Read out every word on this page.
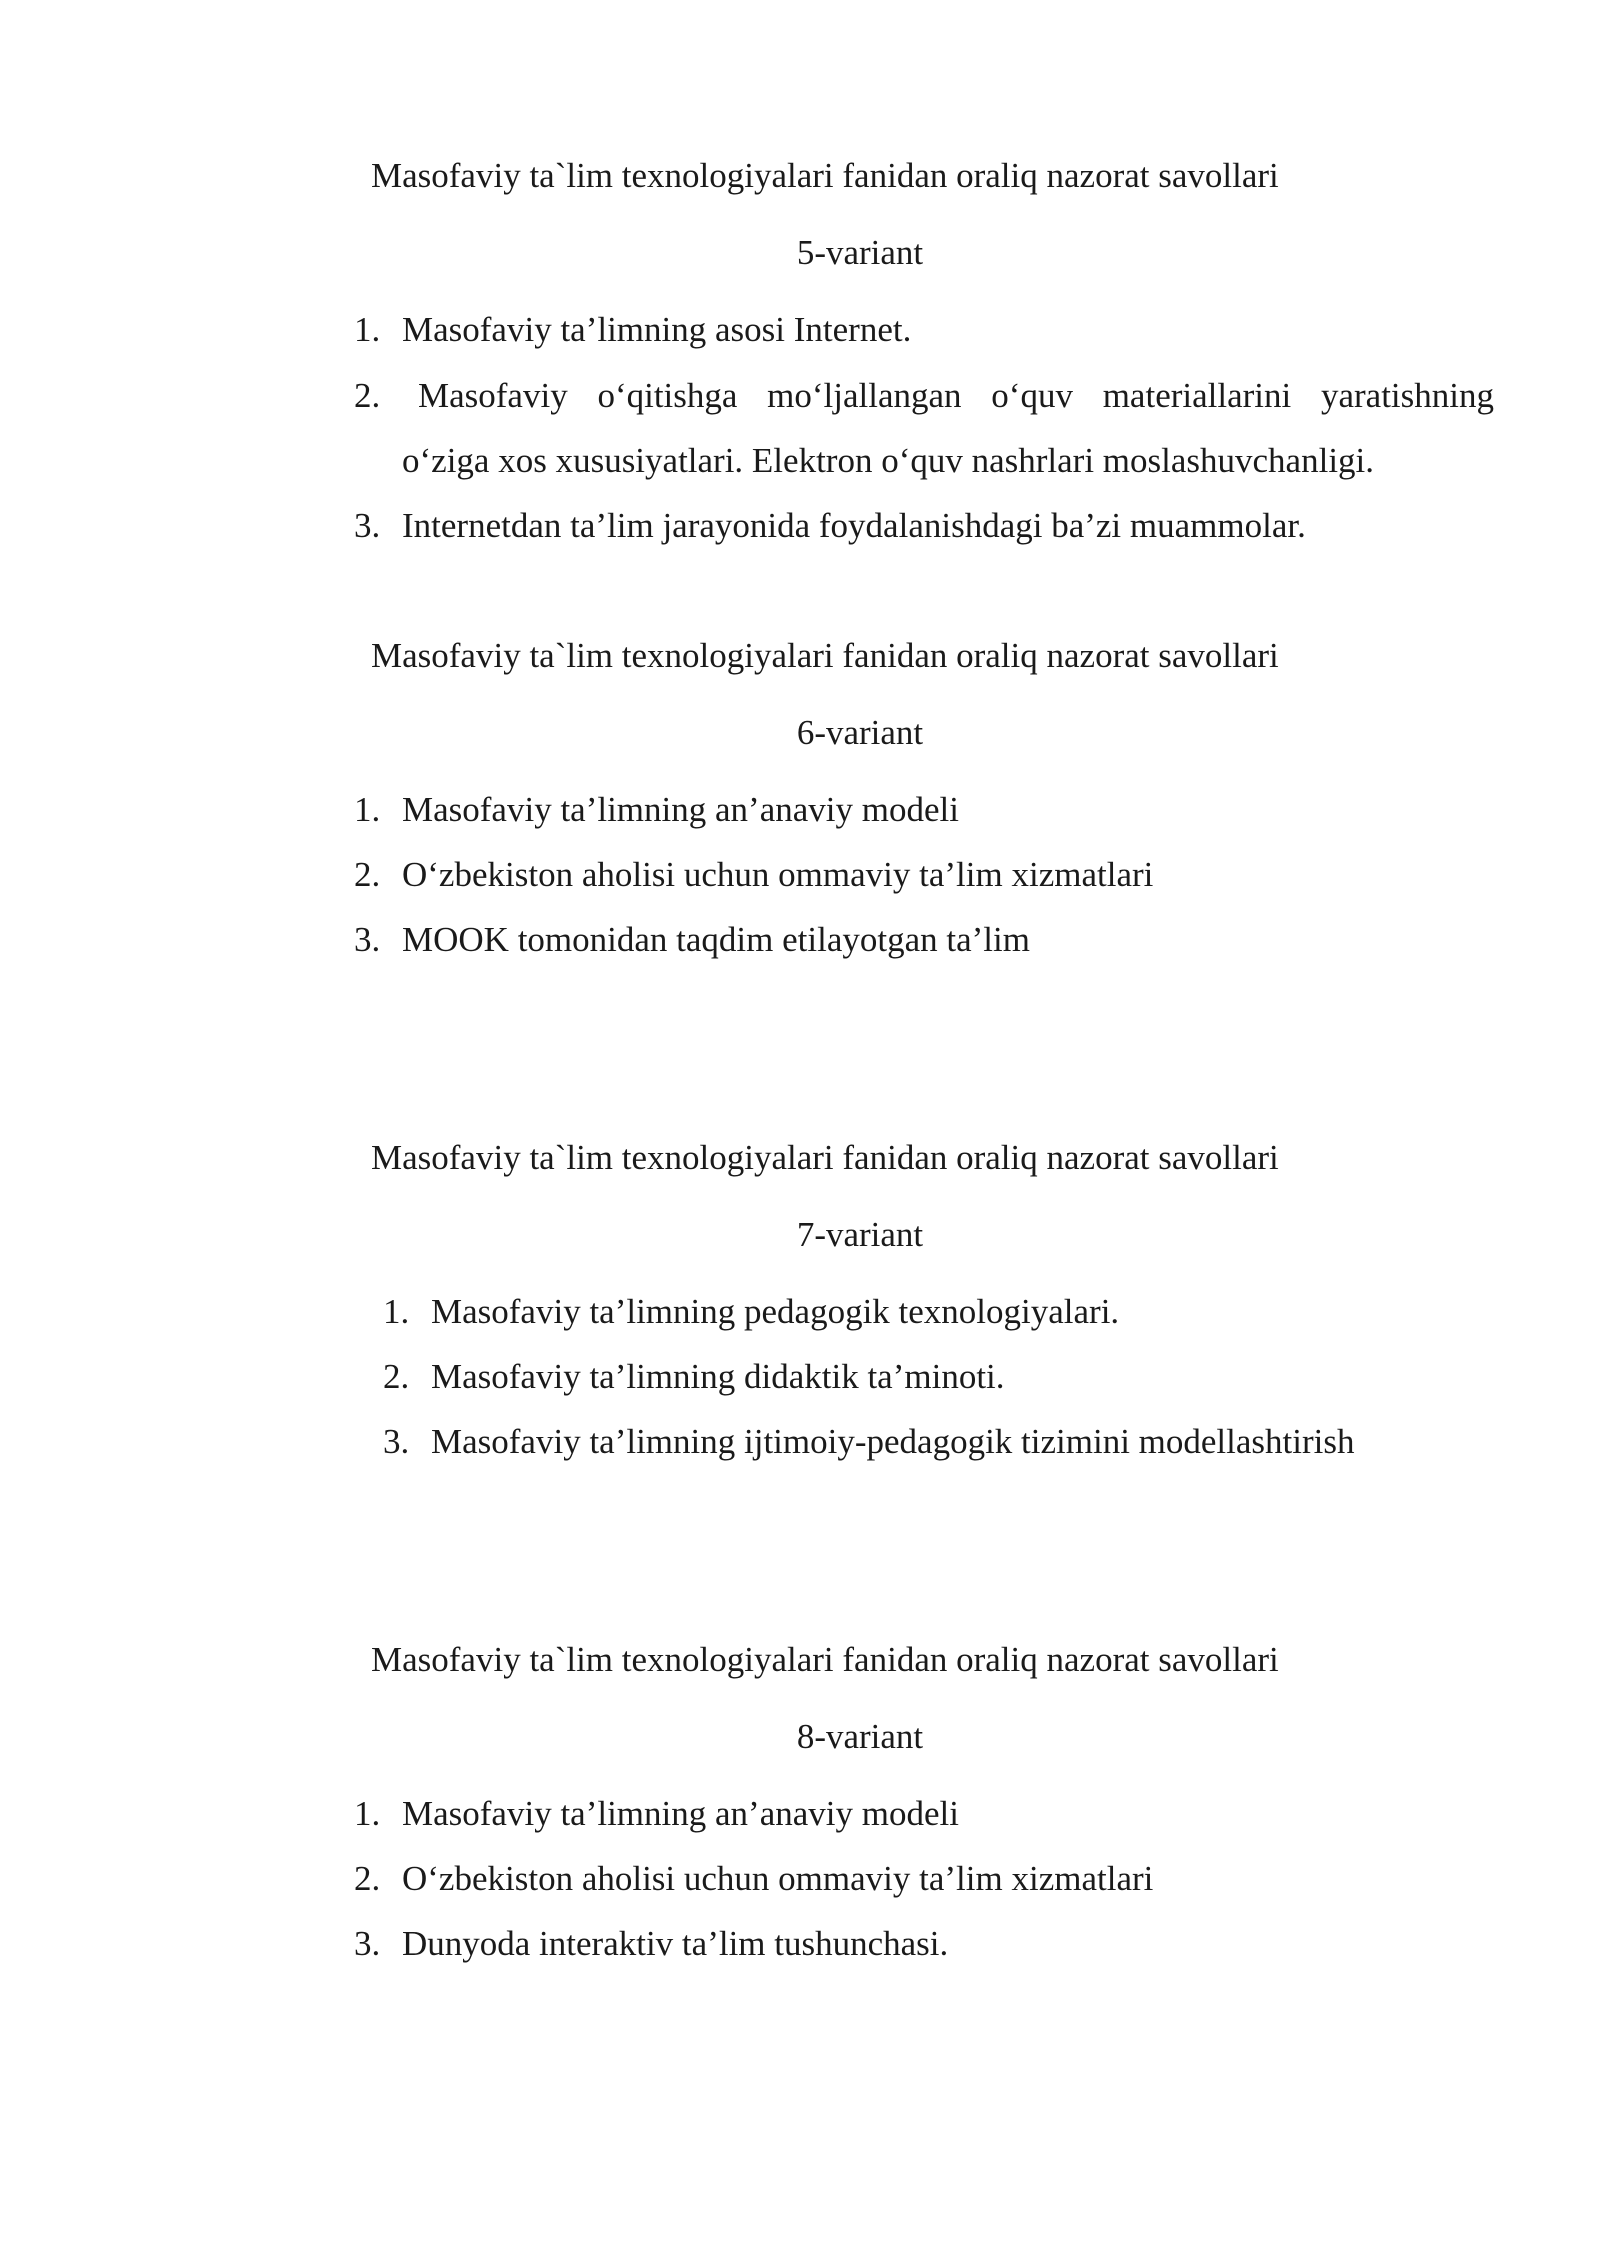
Masofaviy ta`lim texnologiyalari fanidan oraliq nazorat savollari
5-variant
1. Masofaviy ta’limning asosi Internet.
2. Masofaviy o‘qitishga mo‘ljallangan o‘quv materiallarini yaratishning
o‘ziga xos xususiyatlari. Elektron o‘quv nashrlari moslashuvchanligi.
3. Internetdan ta’lim jarayonida foydalanishdagi ba’zi muammolar.
Masofaviy ta`lim texnologiyalari fanidan oraliq nazorat savollari
6-variant
1. Masofaviy ta’limning an’anaviy modeli
2. O‘zbekiston aholisi uchun ommaviy ta’lim xizmatlari
3. MOOK tomonidan taqdim etilayotgan ta’lim
Masofaviy ta`lim texnologiyalari fanidan oraliq nazorat savollari
7-variant
1. Masofaviy ta’limning pedagogik texnologiyalari.
2. Masofaviy ta’limning didaktik ta’minoti.
3. Masofaviy ta’limning ijtimoiy-pedagogik tizimini modellashtirish
Masofaviy ta`lim texnologiyalari fanidan oraliq nazorat savollari
8-variant
1. Masofaviy ta’limning an’anaviy modeli
2. O‘zbekiston aholisi uchun ommaviy ta’lim xizmatlari
3. Dunyoda interaktiv ta’lim tushunchasi.
